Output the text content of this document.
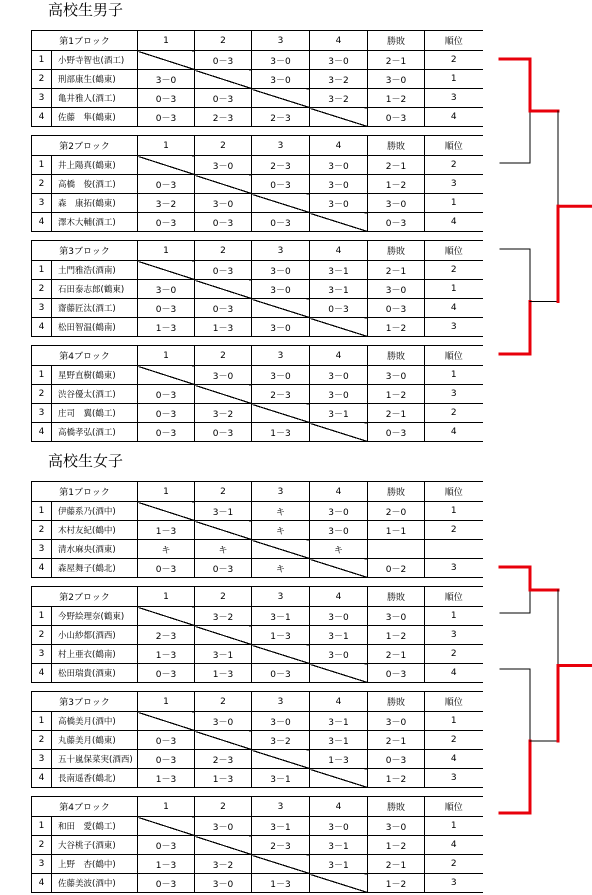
高校生男子
第1ブロック		1	2	3	4	勝敗	順位
1	小野寺智也(酒工)		0－3	3－0	3－0	2－1	2
2	刑部康生(鶴東)	3－0		3－0	3－2	3－0	1
3	亀井雅人(酒工)	0－3	0－3		3－2	1－2	3
4	佐藤　隼(鶴東)	0－3	2－3	2－3		0－3	4
第2ブロック		1	2	3	4	勝敗	順位
1	井上陽真(鶴東)		3－0	2－3	3－0	2－1	2
2	高橋　俊(酒工)	0－3		0－3	3－0	1－2	3
3	森　康拓(鶴東)	3－2	3－0		3－0	3－0	1
4	澤木大輔(酒工)	0－3	0－3	0－3		0－3	4
第3ブロック		1	2	3	4	勝敗	順位
1	土門雅浩(酒南)		0－3	3－0	3－1	2－1	2
2	石田泰志郎(鶴東)	3－0		3－0	3－1	3－0	1
3	齋藤匠汰(酒工)	0－3	0－3		0－3	0－3	4
4	松田智温(鶴南)	1－3	1－3	3－0		1－2	3
第4ブロック		1	2	3	4	勝敗	順位
1	星野直樹(鶴東)		3－0	3－0	3－0	3－0	1
2	渋谷優太(酒工)	0－3		2－3	3－0	1－2	3
3	庄司　翼(鶴工)	0－3	3－2		3－1	2－1	2
4	高橋孝弘(酒工)	0－3	0－3	1－3		0－3	4
第1ブロック		1	2	3	4	勝敗	順位
1	伊藤系乃(酒中)		3－1	キ	3－0	2－0	1
2	木村友紀(鶴中)	1－3		キ	3－0	1－1	2
3	清水麻央(酒東)	キ	キ		キ		
4	森屋舞子(鶴北)	0－3	0－3	キ		0－2	3
第2ブロック		1	2	3	4	勝敗	順位
1	今野絵理奈(鶴東)		3－2	3－1	3－0	3－0	1
2	小山紗都(酒西)	2－3		1－3	3－1	1－2	3
3	村上亜衣(鶴南)	1－3	3－1		3－0	2－1	2
4	松田瑞貴(酒東)	0－3	1－3	0－3		0－3	4
第3ブロック		1	2	3	4	勝敗	順位
1	高橋美月(酒中)		3－0	3－0	3－1	3－0	1
2	丸藤美月(鶴東)	0－3		3－2	3－1	2－1	2
3	五十嵐保菜実(酒西)	0－3	2－3		1－3	0－3	4
4	長南遥香(鶴北)	1－3	1－3	3－1		1－2	3
第4ブロック		1	2	3	4	勝敗	順位
1	和田　愛(鶴工)		3－0	3－1	3－0	3－0	1
2	大谷桃子(酒東)	0－3		2－3	3－1	1－2	4
3	上野　杏(鶴中)	1－3	3－2		3－1	2－1	2
4	佐藤美波(酒中)	0－3	3－0	1－3		1－2	3
高校生女子
